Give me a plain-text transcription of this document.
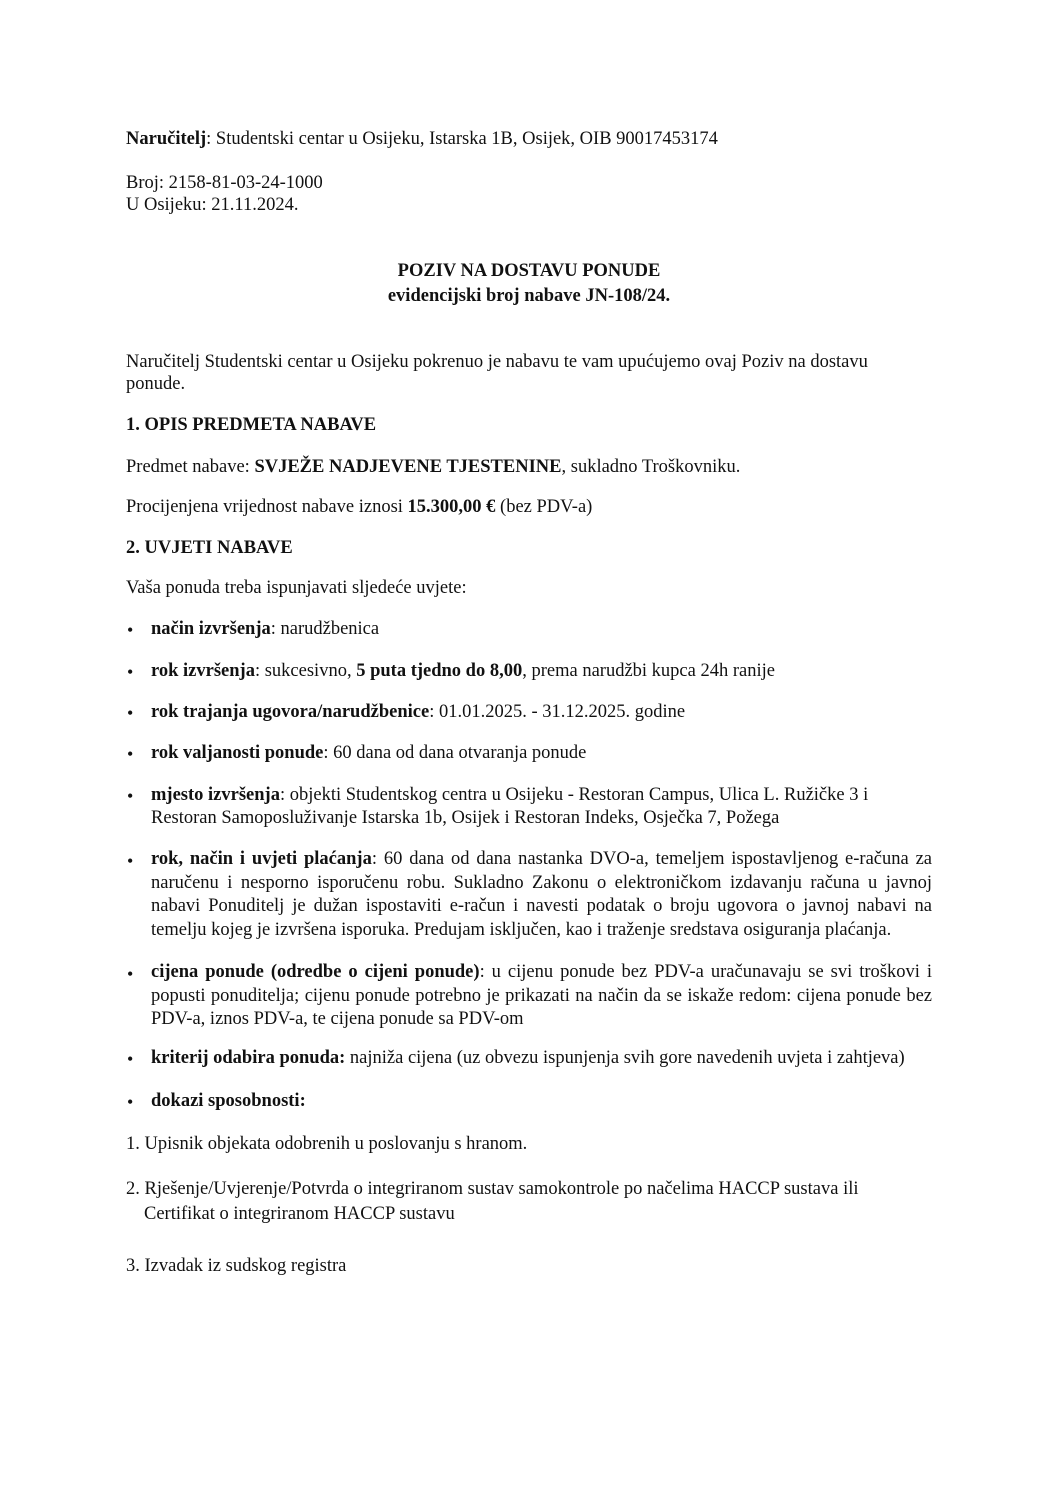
Naručitelj: Studentski centar u Osijeku, Istarska 1B, Osijek, OIB 90017453174
Broj: 2158-81-03-24-1000
U Osijeku: 21.11.2024.
POZIV NA DOSTAVU PONUDE
evidencijski broj nabave JN-108/24.
Naručitelj Studentski centar u Osijeku pokrenuo je nabavu te vam upućujemo ovaj Poziv na dostavu
ponude.
1. OPIS PREDMETA NABAVE
Predmet nabave: SVJEŽE NADJEVENE TJESTENINE, sukladno Troškovniku.
Procijenjena vrijednost nabave iznosi 15.300,00 € (bez PDV-a)
2. UVJETI NABAVE
Vaša ponuda treba ispunjavati sljedeće uvjete:
• način izvršenja: narudžbenica
• rok izvršenja: sukcesivno, 5 puta tjedno do 8,00, prema narudžbi kupca 24h ranije
• rok trajanja ugovora/narudžbenice: 01.01.2025. - 31.12.2025. godine
• rok valjanosti ponude: 60 dana od dana otvaranja ponude
• mjesto izvršenja: objekti Studentskog centra u Osijeku - Restoran Campus, Ulica L. Ružičke 3 i
Restoran Samoposluživanje Istarska 1b, Osijek i Restoran Indeks, Osječka 7, Požega
• rok, način i uvjeti plaćanja: 60 dana od dana nastanka DVO-a, temeljem ispostavljenog e-računa za naručenu i nesporno isporučenu robu. Sukladno Zakonu o elektroničkom izdavanju računa u javnoj nabavi Ponuditelj je dužan ispostaviti e-račun i navesti podatak o broju ugovora o javnoj nabavi na temelju kojeg je izvršena isporuka. Predujam isključen, kao i traženje sredstava osiguranja plaćanja.
• cijena ponude (odredbe o cijeni ponude): u cijenu ponude bez PDV-a uračunavaju se svi troškovi i popusti ponuditelja; cijenu ponude potrebno je prikazati na način da se iskaže redom: cijena ponude bez PDV-a, iznos PDV-a, te cijena ponude sa PDV-om
• kriterij odabira ponuda: najniža cijena (uz obvezu ispunjenja svih gore navedenih uvjeta i zahtjeva)
• dokazi sposobnosti:
1. Upisnik objekata odobrenih u poslovanju s hranom.
2. Rješenje/Uvjerenje/Potvrda o integriranom sustav samokontrole po načelima HACCP sustava ili
Certifikat o integriranom HACCP sustavu
3. Izvadak iz sudskog registra
